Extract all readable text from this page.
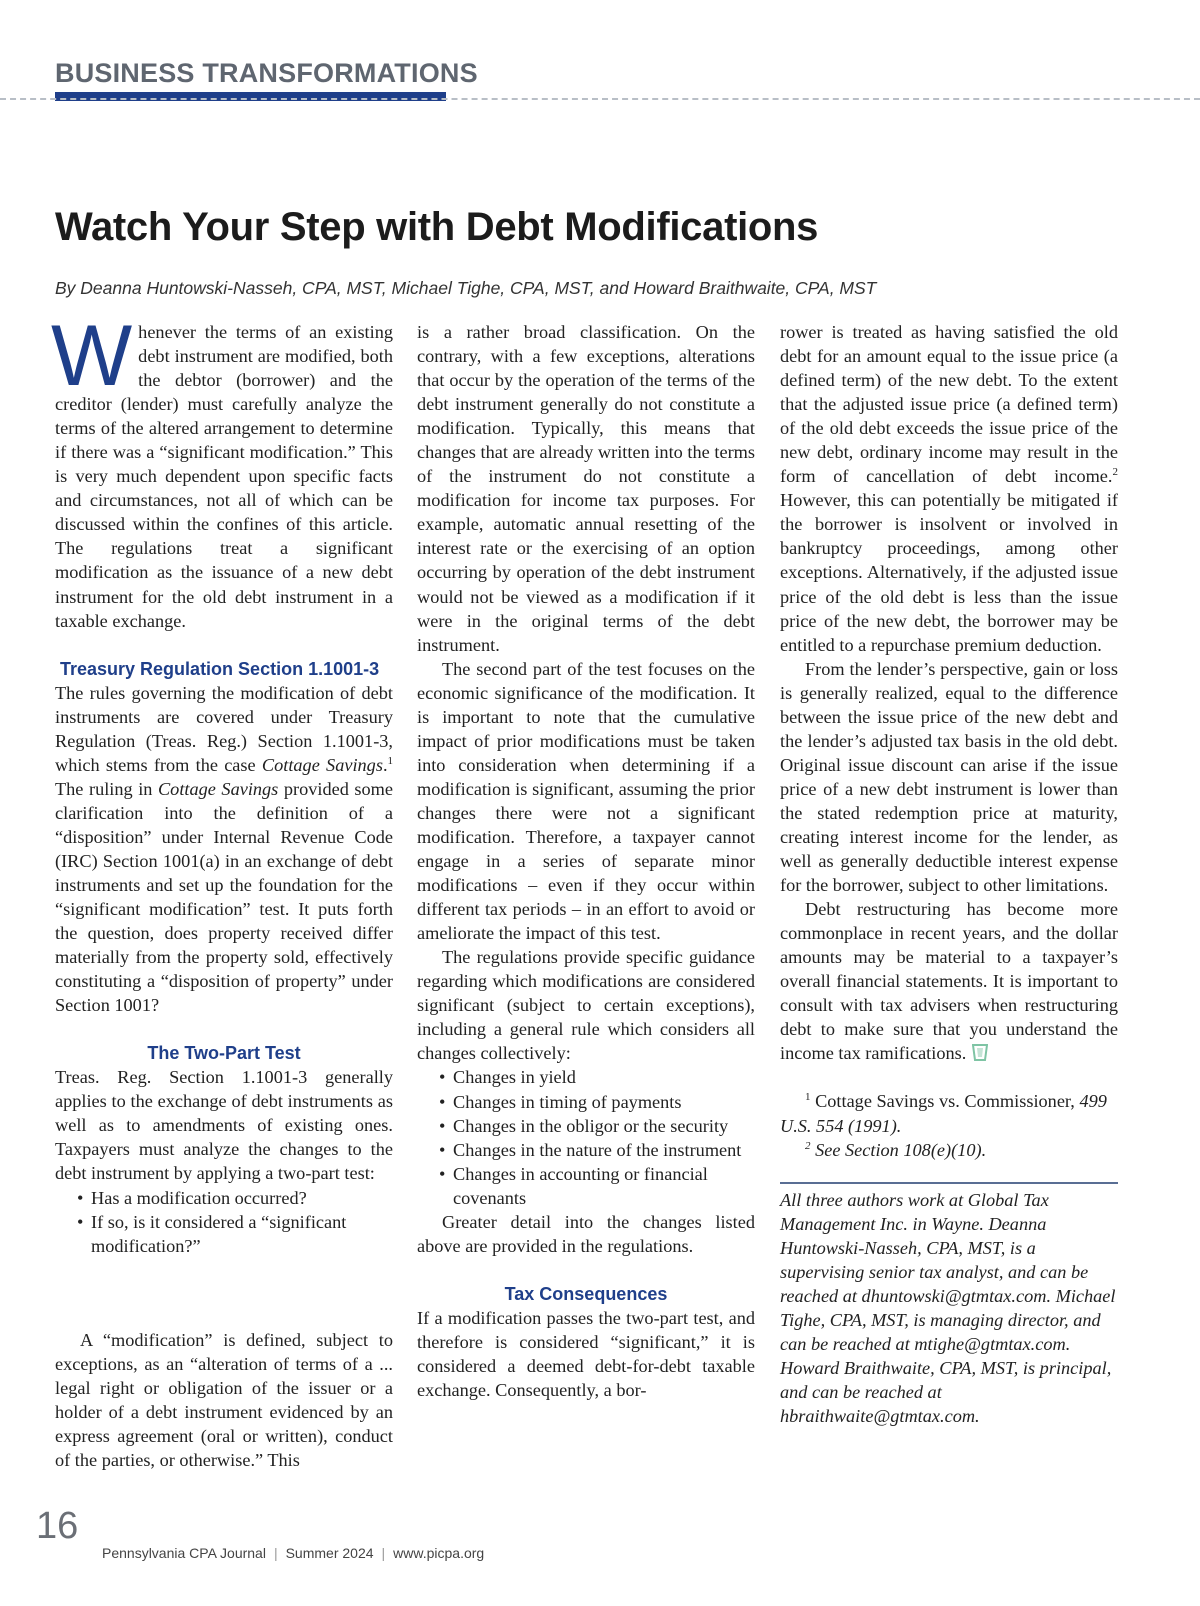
BUSINESS TRANSFORMATIONS
Watch Your Step with Debt Modifications
By Deanna Huntowski-Nasseh, CPA, MST, Michael Tighe, CPA, MST, and Howard Braithwaite, CPA, MST

Whenever the terms of an existing debt instrument are modified, both the debtor (borrower) and the creditor (lender) must carefully analyze the terms of the altered arrangement to determine if there was a “significant modification.” This is very much dependent upon specific facts and circumstances, not all of which can be discussed within the confines of this article. The regulations treat a significant modification as the issuance of a new debt instrument for the old debt instrument in a taxable exchange.

Treasury Regulation Section 1.1001-3

The rules governing the modification of debt instruments are covered under Treasury Regulation (Treas. Reg.) Section 1.1001-3, which stems from the case Cottage Savings.$^1$ The ruling in Cottage Savings provided some clarification into the definition of a “disposition” under Internal Revenue Code (IRC) Section 1001(a) in an exchange of debt instruments and set up the foundation for the “significant modification” test. It puts forth the question, does property received differ materially from the property sold, effectively constituting a “disposition of property” under Section 1001?

The Two-Part Test

Treas. Reg. Section 1.1001-3 generally applies to the exchange of debt instruments as well as to amendments of existing ones. Taxpayers must analyze the changes to the debt instrument by applying a two-part test:

• Has a modification occurred?
• If so, is it considered a “significant modification?”

A “modification” is defined, subject to exceptions, as an “alteration of terms of a ... legal right or obligation of the issuer or a holder of a debt instrument evidenced by an express agreement (oral or written), conduct of the parties, or otherwise.” This

is a rather broad classification. On the contrary, with a few exceptions, alterations that occur by the operation of the terms of the debt instrument generally do not constitute a modification. Typically, this means that changes that are already written into the terms of the instrument do not constitute a modification for income tax purposes. For example, automatic annual resetting of the interest rate or the exercising of an option occurring by operation of the debt instrument would not be viewed as a modification if it were in the original terms of the debt instrument.

The second part of the test focuses on the economic significance of the modification. It is important to note that the cumulative impact of prior modifications must be taken into consideration when determining if a modification is significant, assuming the prior changes there were not a significant modification. Therefore, a taxpayer cannot engage in a series of separate minor modifications – even if they occur within different tax periods – in an effort to avoid or ameliorate the impact of this test.

The regulations provide specific guidance regarding which modifications are considered significant (subject to certain exceptions), including a general rule which considers all changes collectively:

• Changes in yield
• Changes in timing of payments
• Changes in the obligor or the security
• Changes in the nature of the instrument
• Changes in accounting or financial covenants

Greater detail into the changes listed above are provided in the regulations.

Tax Consequences

If a modification passes the two-part test, and therefore is considered “significant,” it is considered a deemed debt-for-debt taxable exchange. Consequently, a bor-

rower is treated as having satisfied the old debt for an amount equal to the issue price (a defined term) of the new debt. To the extent that the adjusted issue price (a defined term) of the old debt exceeds the issue price of the new debt, ordinary income may result in the form of cancellation of debt income.$^2$ However, this can potentially be mitigated if the borrower is insolvent or involved in bankruptcy proceedings, among other exceptions. Alternatively, if the adjusted issue price of the old debt is less than the issue price of the new debt, the borrower may be entitled to a repurchase premium deduction.

From the lender’s perspective, gain or loss is generally realized, equal to the difference between the issue price of the new debt and the lender’s adjusted tax basis in the old debt. Original issue discount can arise if the issue price of a new debt instrument is lower than the stated redemption price at maturity, creating interest income for the lender, as well as generally deductible interest expense for the borrower, subject to other limitations.

Debt restructuring has become more commonplace in recent years, and the dollar amounts may be material to a taxpayer’s overall financial statements. It is important to consult with tax advisers when restructuring debt to make sure that you understand the income tax ramifications.

$^1$ Cottage Savings vs. Commissioner, 499 U.S. 554 (1991).

$^2$ See Section 108(e)(10).

All three authors work at Global Tax Management Inc. in Wayne. Deanna Huntowski-Nasseh, CPA, MST, is a supervising senior tax analyst, and can be reached at dhuntowski@gtmtax.com. Michael Tighe, CPA, MST, is managing director, and can be reached at mtighe@gtmtax.com. Howard Braithwaite, CPA, MST, is principal, and can be reached at hbraithwaite@gtmtax.com.

16
Pennsylvania CPA Journal | Summer 2024 | www.picpa.org
